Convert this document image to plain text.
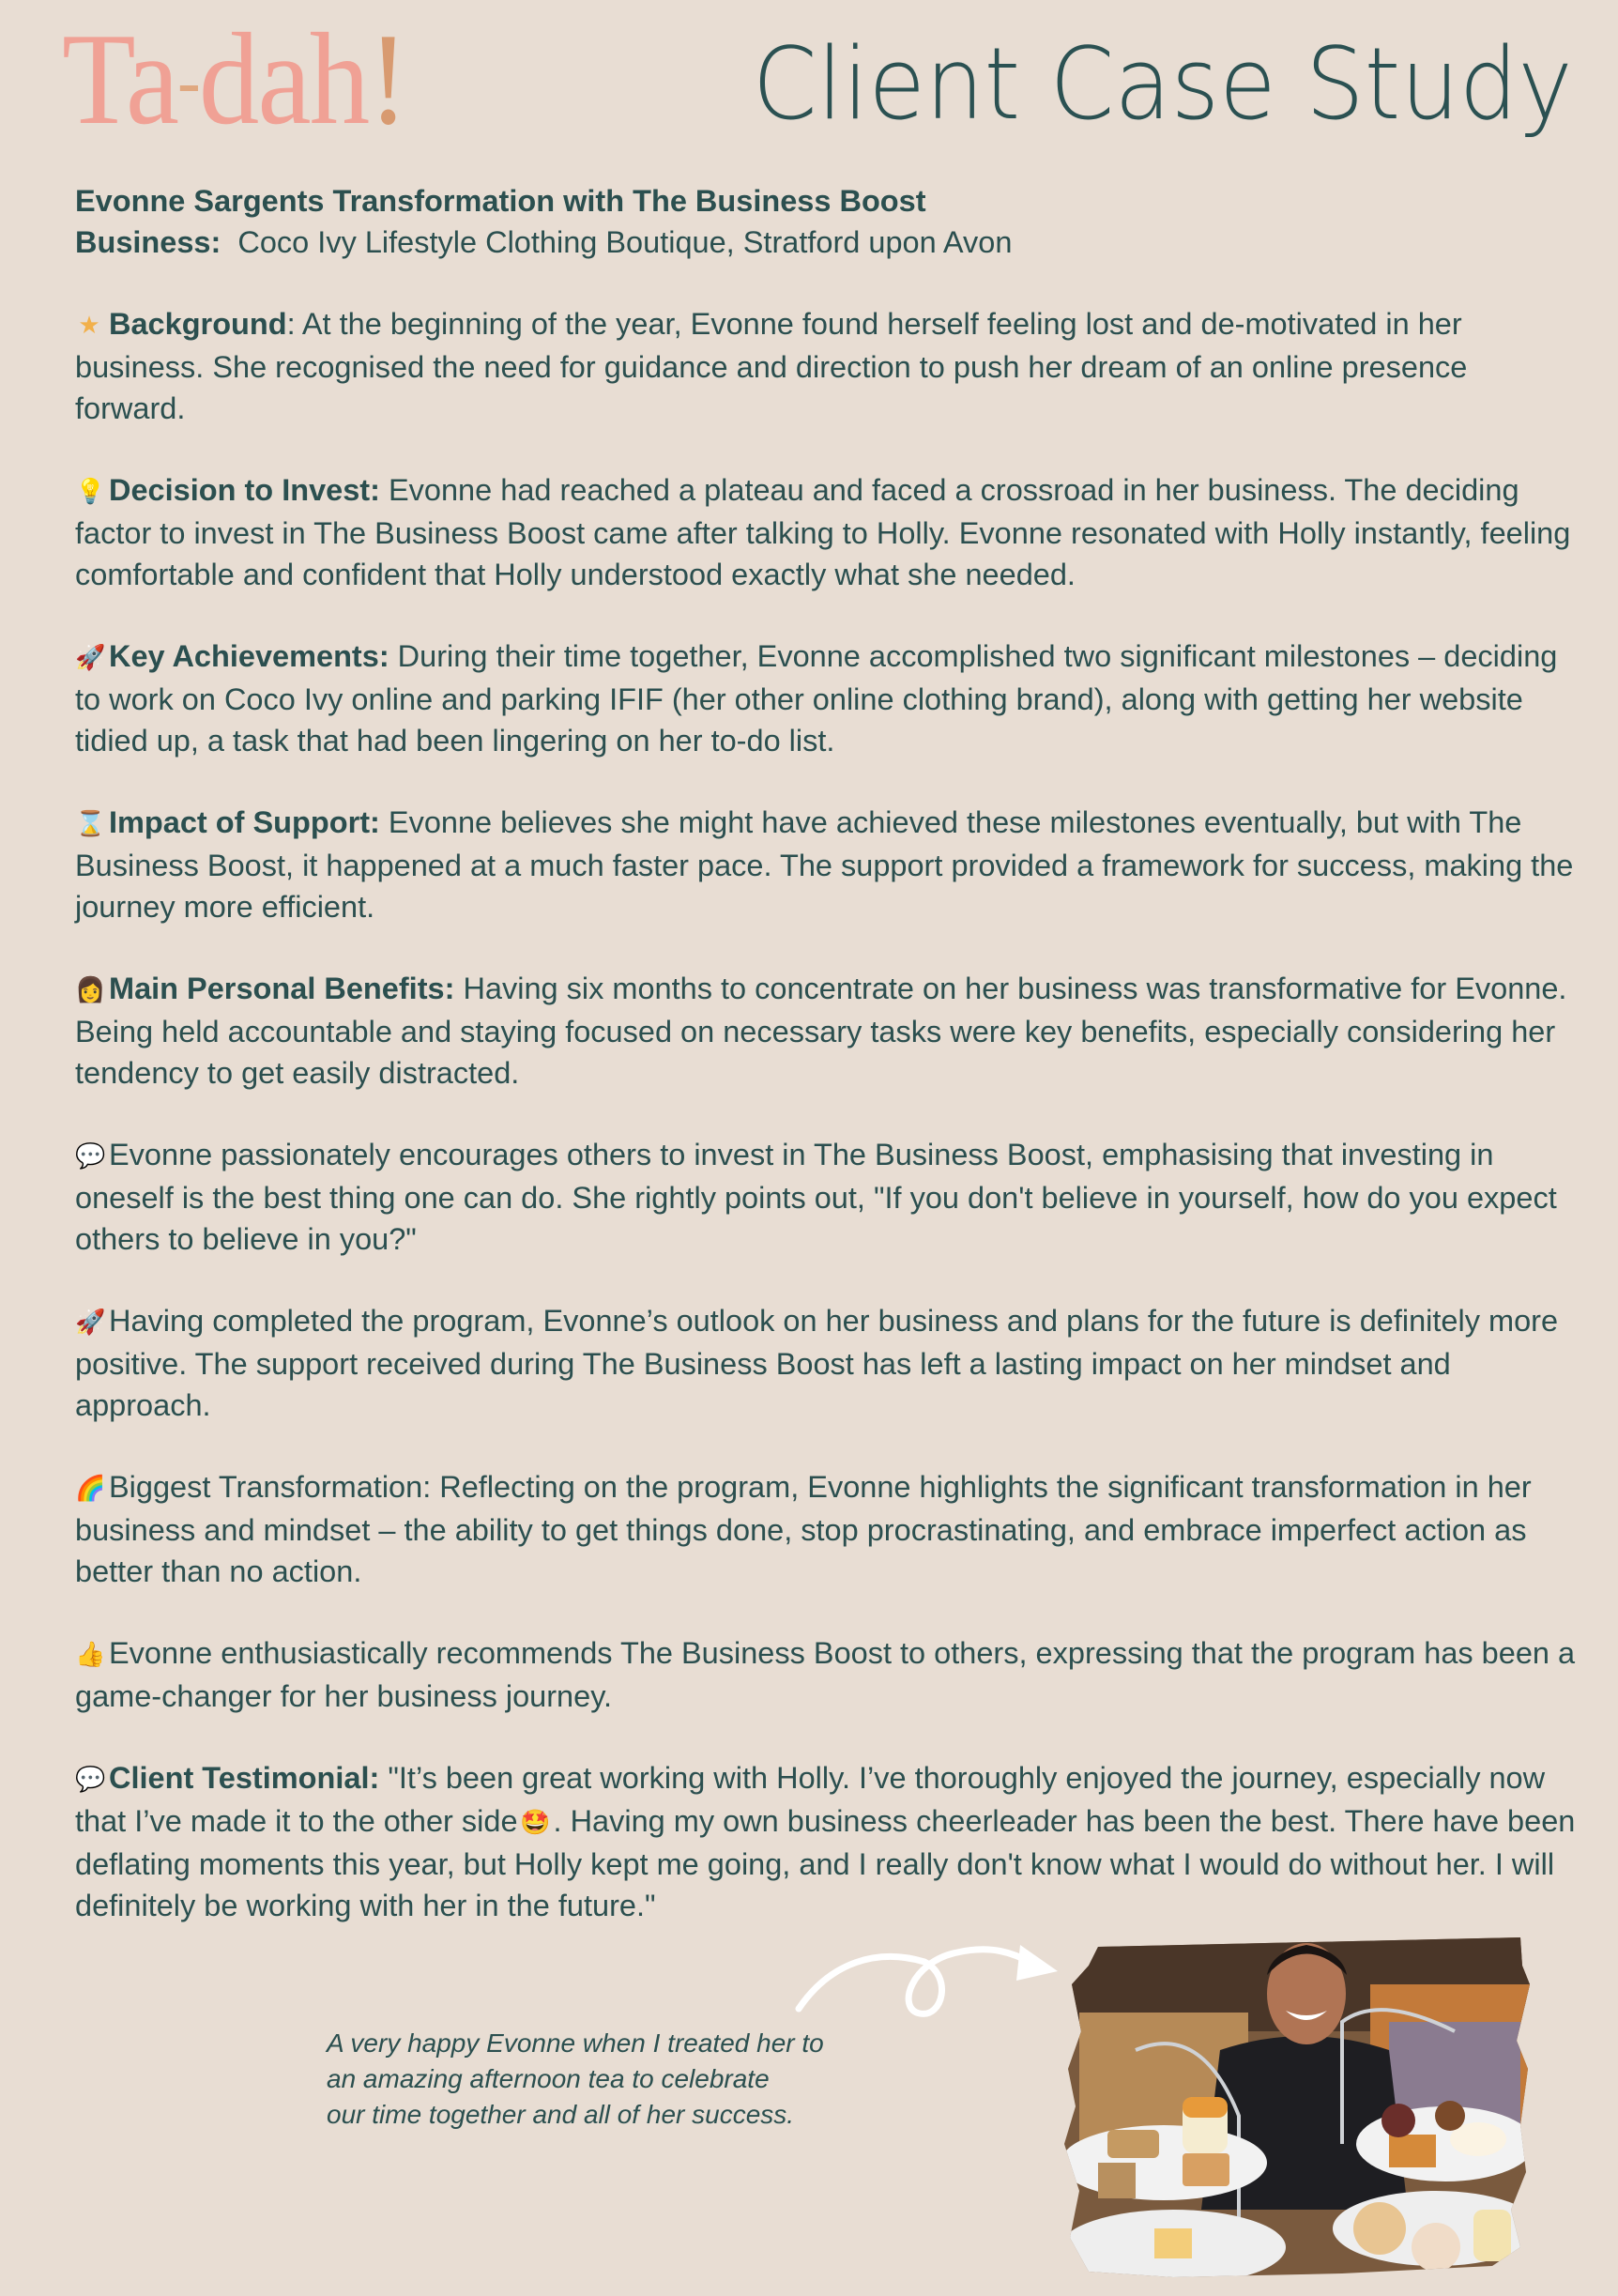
Ta-dah!	Client Case Study

Evonne Sargents Transformation with The Business Boost

Business: Coco Ivy Lifestyle Clothing Boutique, Stratford upon Avon

★ Background: At the beginning of the year, Evonne found herself feeling lost and de-motivated in her business. She recognised the need for guidance and direction to push her dream of an online presence forward.

💡 Decision to Invest: Evonne had reached a plateau and faced a crossroad in her business. The deciding factor to invest in The Business Boost came after talking to Holly. Evonne resonated with Holly instantly, feeling comfortable and confident that Holly understood exactly what she needed.

🚀 Key Achievements: During their time together, Evonne accomplished two significant milestones – deciding to work on Coco Ivy online and parking IFIF (her other online clothing brand), along with getting her website tidied up, a task that had been lingering on her to-do list.

⌛ Impact of Support: Evonne believes she might have achieved these milestones eventually, but with The Business Boost, it happened at a much faster pace. The support provided a framework for success, making the journey more efficient.

👩 Main Personal Benefits: Having six months to concentrate on her business was transformative for Evonne. Being held accountable and staying focused on necessary tasks were key benefits, especially considering her tendency to get easily distracted.

💬 Evonne passionately encourages others to invest in The Business Boost, emphasising that investing in oneself is the best thing one can do. She rightly points out, "If you don't believe in yourself, how do you expect others to believe in you?"

🚀 Having completed the program, Evonne’s outlook on her business and plans for the future is definitely more positive. The support received during The Business Boost has left a lasting impact on her mindset and approach.

🌈 Biggest Transformation: Reflecting on the program, Evonne highlights the significant transformation in her business and mindset – the ability to get things done, stop procrastinating, and embrace imperfect action as better than no action.

👍 Evonne enthusiastically recommends The Business Boost to others, expressing that the program has been a game-changer for her business journey.

💬 Client Testimonial: "It’s been great working with Holly. I’ve thoroughly enjoyed the journey, especially now that I’ve made it to the other side 🤩. Having my own business cheerleader has been the best. There have been deflating moments this year, but Holly kept me going, and I really don't know what I would do without her. I will definitely be working with her in the future."

A very happy Evonne when I treated her to
an amazing afternoon tea to celebrate
our time together and all of her success.
